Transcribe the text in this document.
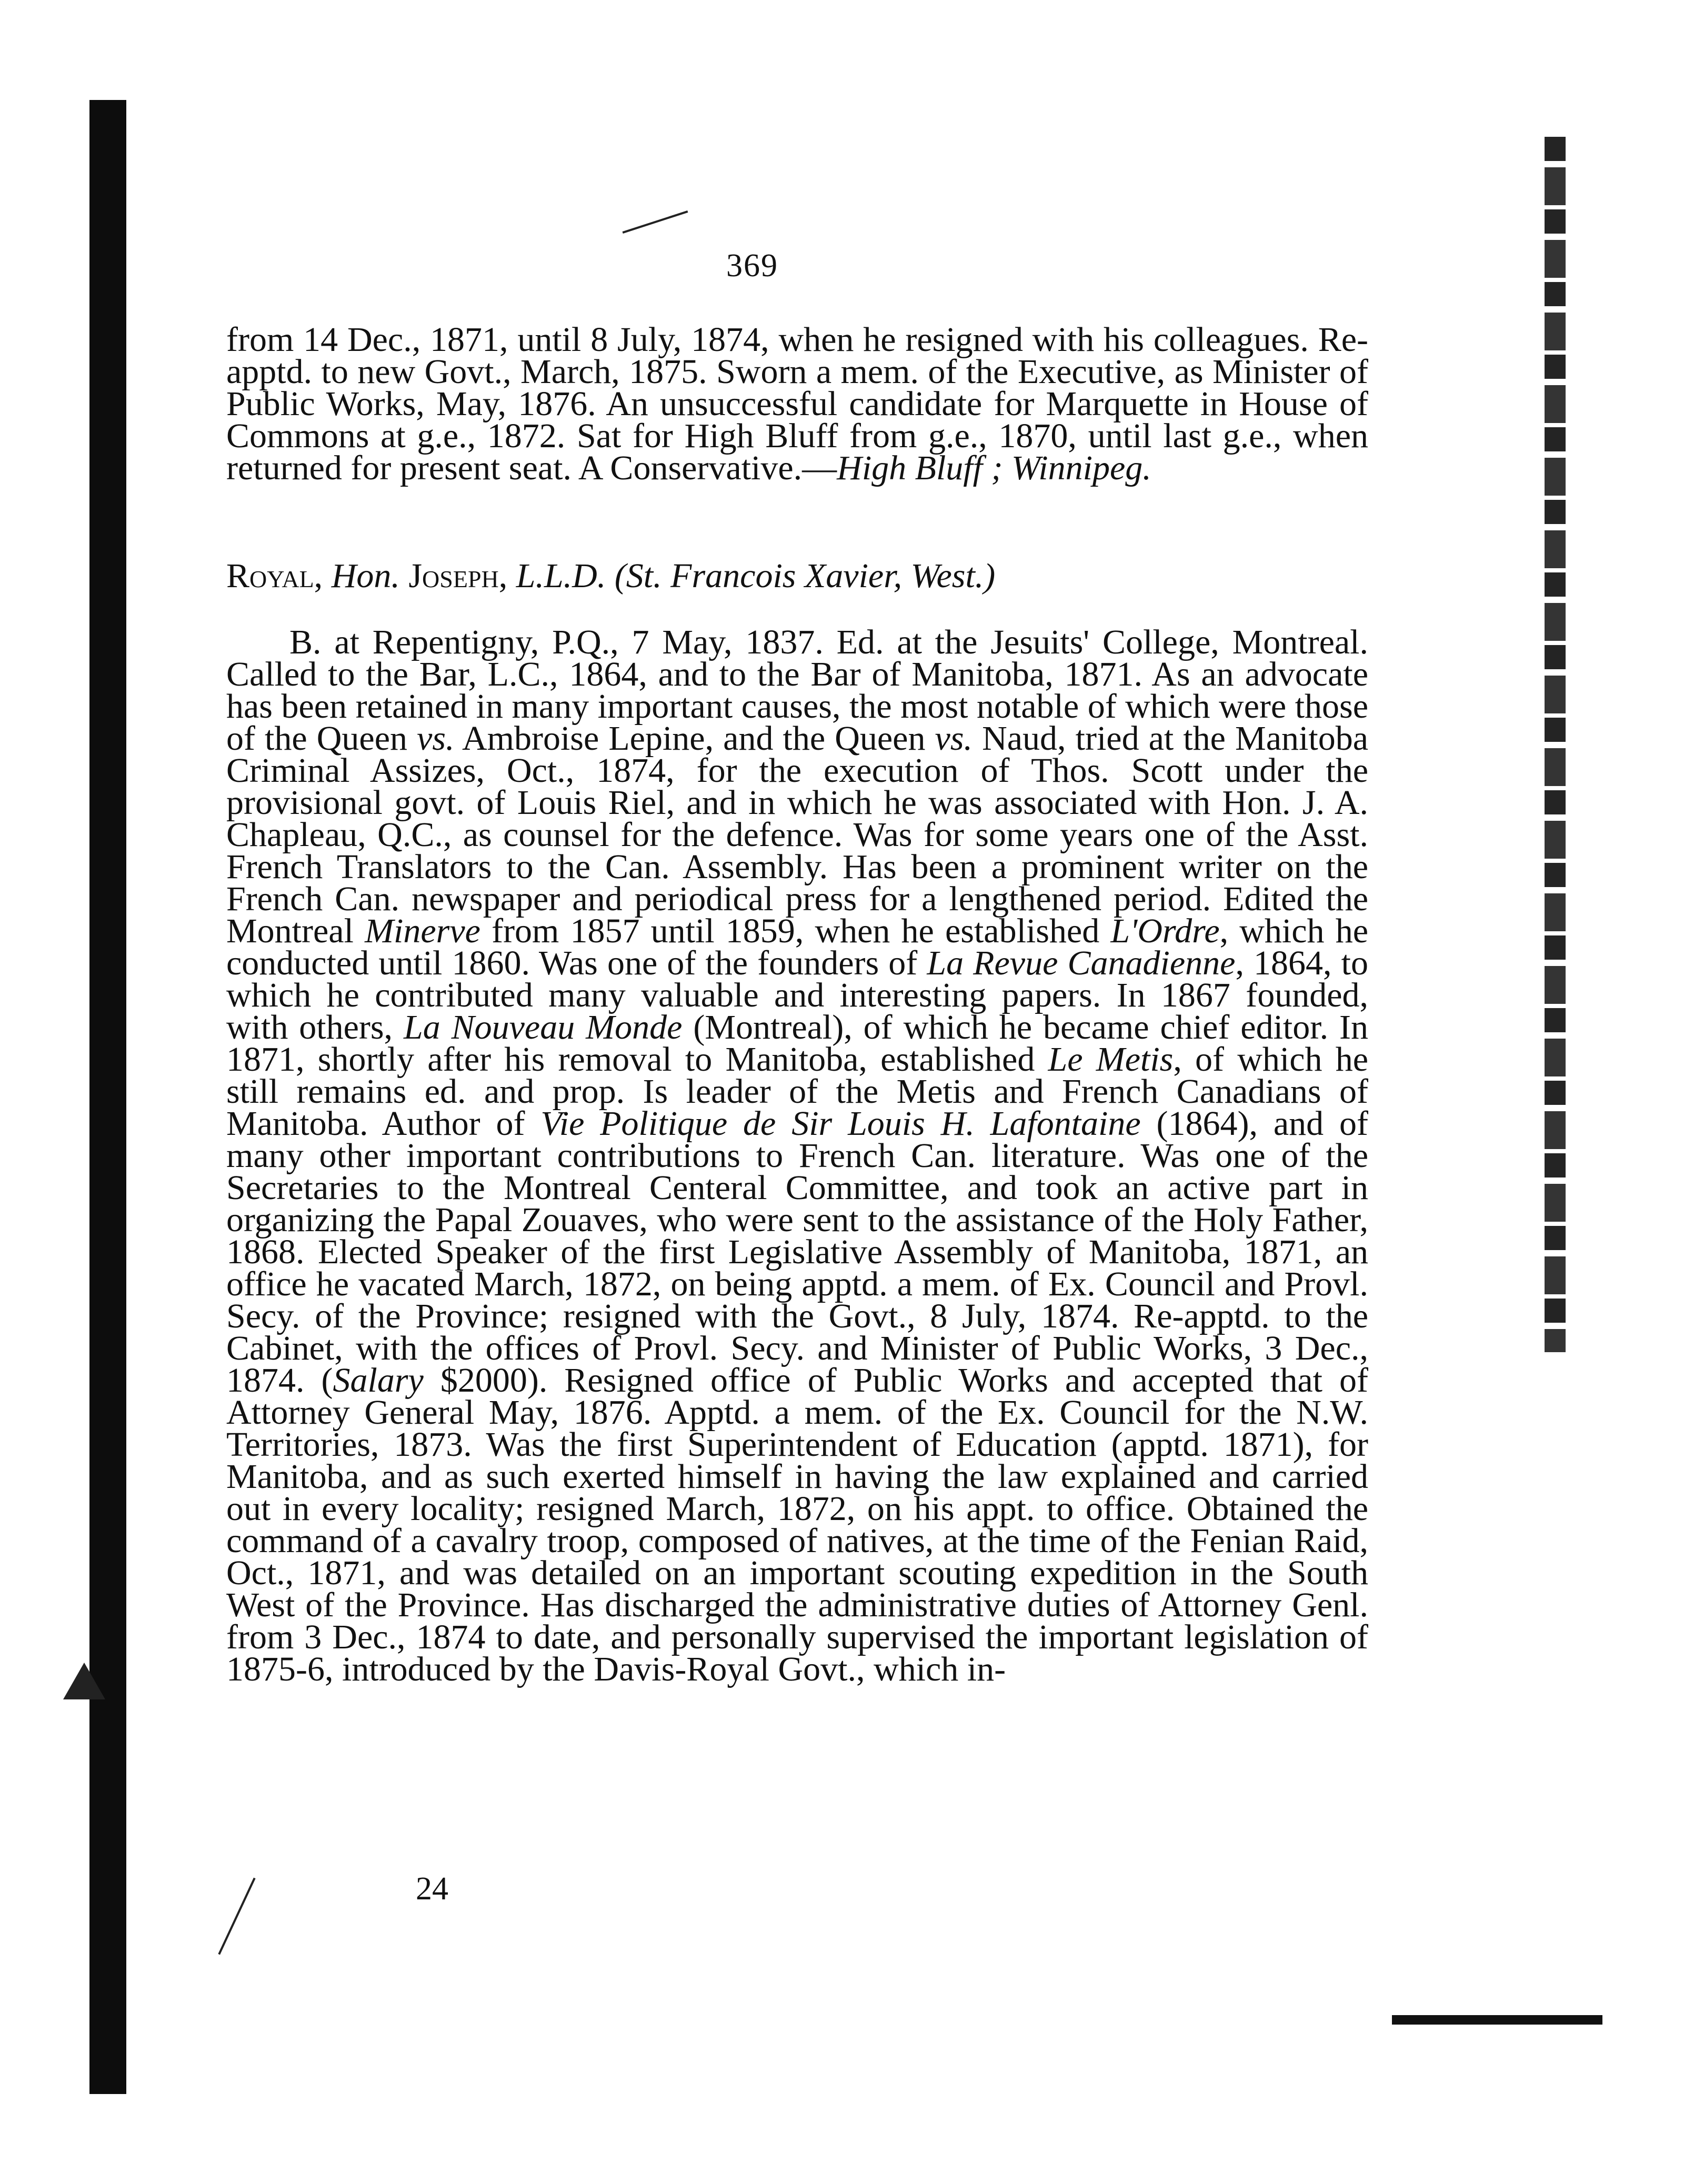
369
from 14 Dec., 1871, until 8 July, 1874, when he resigned with his colleagues. Re-apptd. to new Govt., March, 1875. Sworn a mem. of the Executive, as Minister of Public Works, May, 1876. An unsuccessful candidate for Marquette in House of Commons at g.e., 1872. Sat for High Bluff from g.e., 1870, until last g.e., when returned for present seat. A Conservative.—High Bluff ; Winnipeg.
Royal, Hon. Joseph, L.L.D. (St. Francois Xavier, West.)
B. at Repentigny, P.Q., 7 May, 1837. Ed. at the Jesuits' College, Montreal. Called to the Bar, L.C., 1864, and to the Bar of Manitoba, 1871. As an advocate has been retained in many important causes, the most notable of which were those of the Queen vs. Ambroise Lepine, and the Queen vs. Naud, tried at the Manitoba Criminal Assizes, Oct., 1874, for the execution of Thos. Scott under the provisional govt. of Louis Riel, and in which he was associated with Hon. J. A. Chapleau, Q.C., as counsel for the defence. Was for some years one of the Asst. French Translators to the Can. Assembly. Has been a prominent writer on the French Can. newspaper and periodical press for a lengthened period. Edited the Montreal Minerve from 1857 until 1859, when he established L'Ordre, which he conducted until 1860. Was one of the founders of La Revue Canadienne, 1864, to which he contributed many valuable and interesting papers. In 1867 founded, with others, La Nouveau Monde (Montreal), of which he became chief editor. In 1871, shortly after his removal to Manitoba, established Le Metis, of which he still remains ed. and prop. Is leader of the Metis and French Canadians of Manitoba. Author of Vie Politique de Sir Louis H. Lafontaine (1864), and of many other important contributions to French Can. literature. Was one of the Secretaries to the Montreal Centeral Committee, and took an active part in organizing the Papal Zouaves, who were sent to the assistance of the Holy Father, 1868. Elected Speaker of the first Legislative Assembly of Manitoba, 1871, an office he vacated March, 1872, on being apptd. a mem. of Ex. Council and Provl. Secy. of the Province; resigned with the Govt., 8 July, 1874. Re-apptd. to the Cabinet, with the offices of Provl. Secy. and Minister of Public Works, 3 Dec., 1874. (Salary $2000). Resigned office of Public Works and accepted that of Attorney General May, 1876. Apptd. a mem. of the Ex. Council for the N.W. Territories, 1873. Was the first Superintendent of Education (apptd. 1871), for Manitoba, and as such exerted himself in having the law explained and carried out in every locality; resigned March, 1872, on his appt. to office. Obtained the command of a cavalry troop, composed of natives, at the time of the Fenian Raid, Oct., 1871, and was detailed on an important scouting expedition in the South West of the Province. Has discharged the administrative duties of Attorney Genl. from 3 Dec., 1874 to date, and personally supervised the important legislation of 1875-6, introduced by the Davis-Royal Govt., which in-
24
